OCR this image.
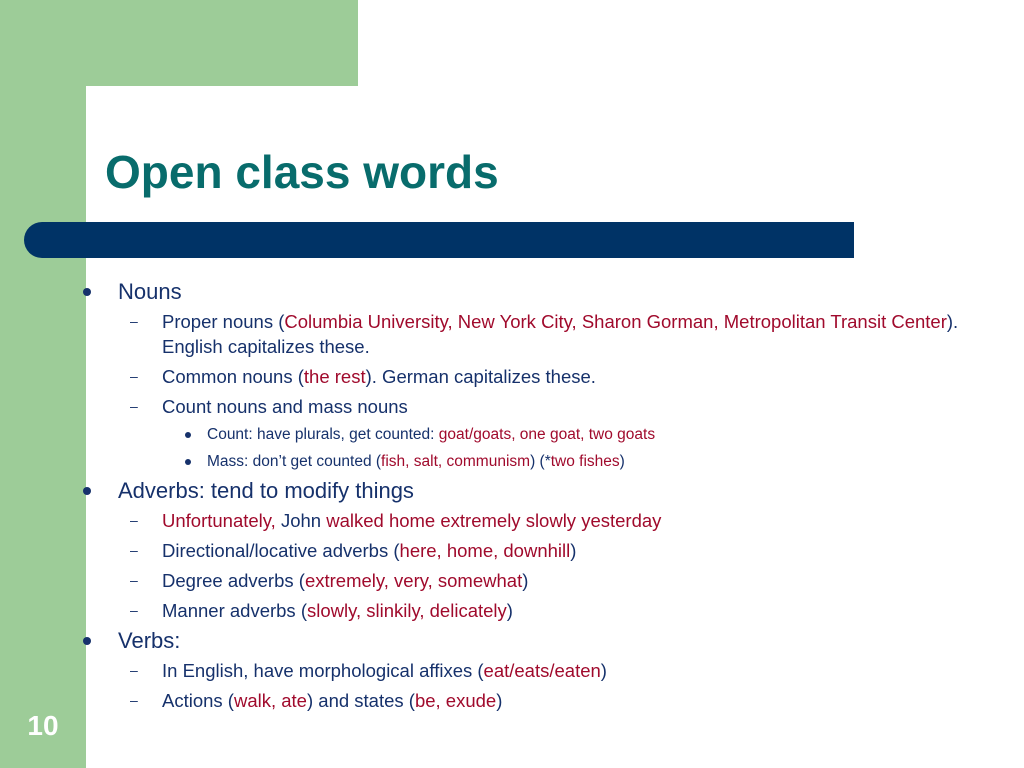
Open class words

Nouns

– Proper nouns (Columbia University, New York City, Sharon Gorman, Metropolitan Transit Center). English capitalizes these.

– Common nouns (the rest). German capitalizes these.

– Count nouns and mass nouns

Count: have plurals, get counted: goat/goats, one goat, two goats

Mass: don’t get counted (fish, salt, communism) (*two fishes)

Adverbs: tend to modify things

– Unfortunately, John walked home extremely slowly yesterday

– Directional/locative adverbs (here, home, downhill)

– Degree adverbs (extremely, very, somewhat)

– Manner adverbs (slowly, slinkily, delicately)

Verbs:

– In English, have morphological affixes (eat/eats/eaten)

– Actions (walk, ate) and states (be, exude)

10
